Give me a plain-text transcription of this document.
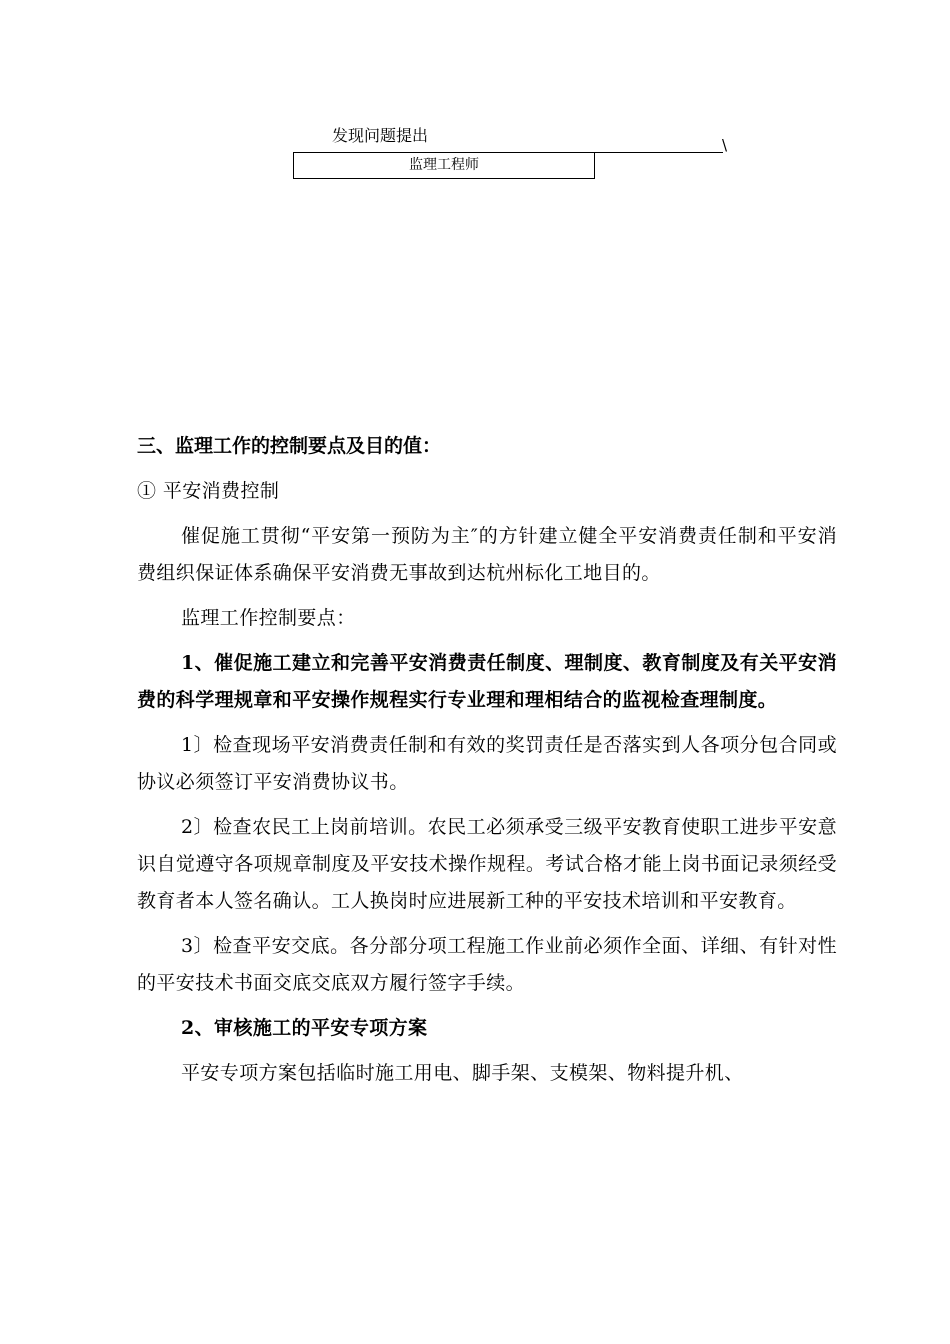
发现问题提出	\
监理工程师

三、监理工作的控制要点及目的值：

① 平安消费控制

催促施工贯彻“平安第一预防为主″的方针建立健全平安消费责任制和平安消费组织保证体系确保平安消费无事故到达杭州标化工地目的。

监理工作控制要点：

1、催促施工建立和完善平安消费责任制度、理制度、教育制度及有关平安消费的科学理规章和平安操作规程实行专业理和理相结合的监视检查理制度。

1〕检查现场平安消费责任制和有效的奖罚责任是否落实到人各项分包合同或协议必须签订平安消费协议书。

2〕检查农民工上岗前培训。农民工必须承受三级平安教育使职工进步平安意识自觉遵守各项规章制度及平安技术操作规程。考试合格才能上岗书面记录须经受教育者本人签名确认。工人换岗时应进展新工种的平安技术培训和平安教育。

3〕检查平安交底。各分部分项工程施工作业前必须作全面、详细、有针对性的平安技术书面交底交底双方履行签字手续。

2、审核施工的平安专项方案

平安专项方案包括临时施工用电、脚手架、支模架、物料提升机、
